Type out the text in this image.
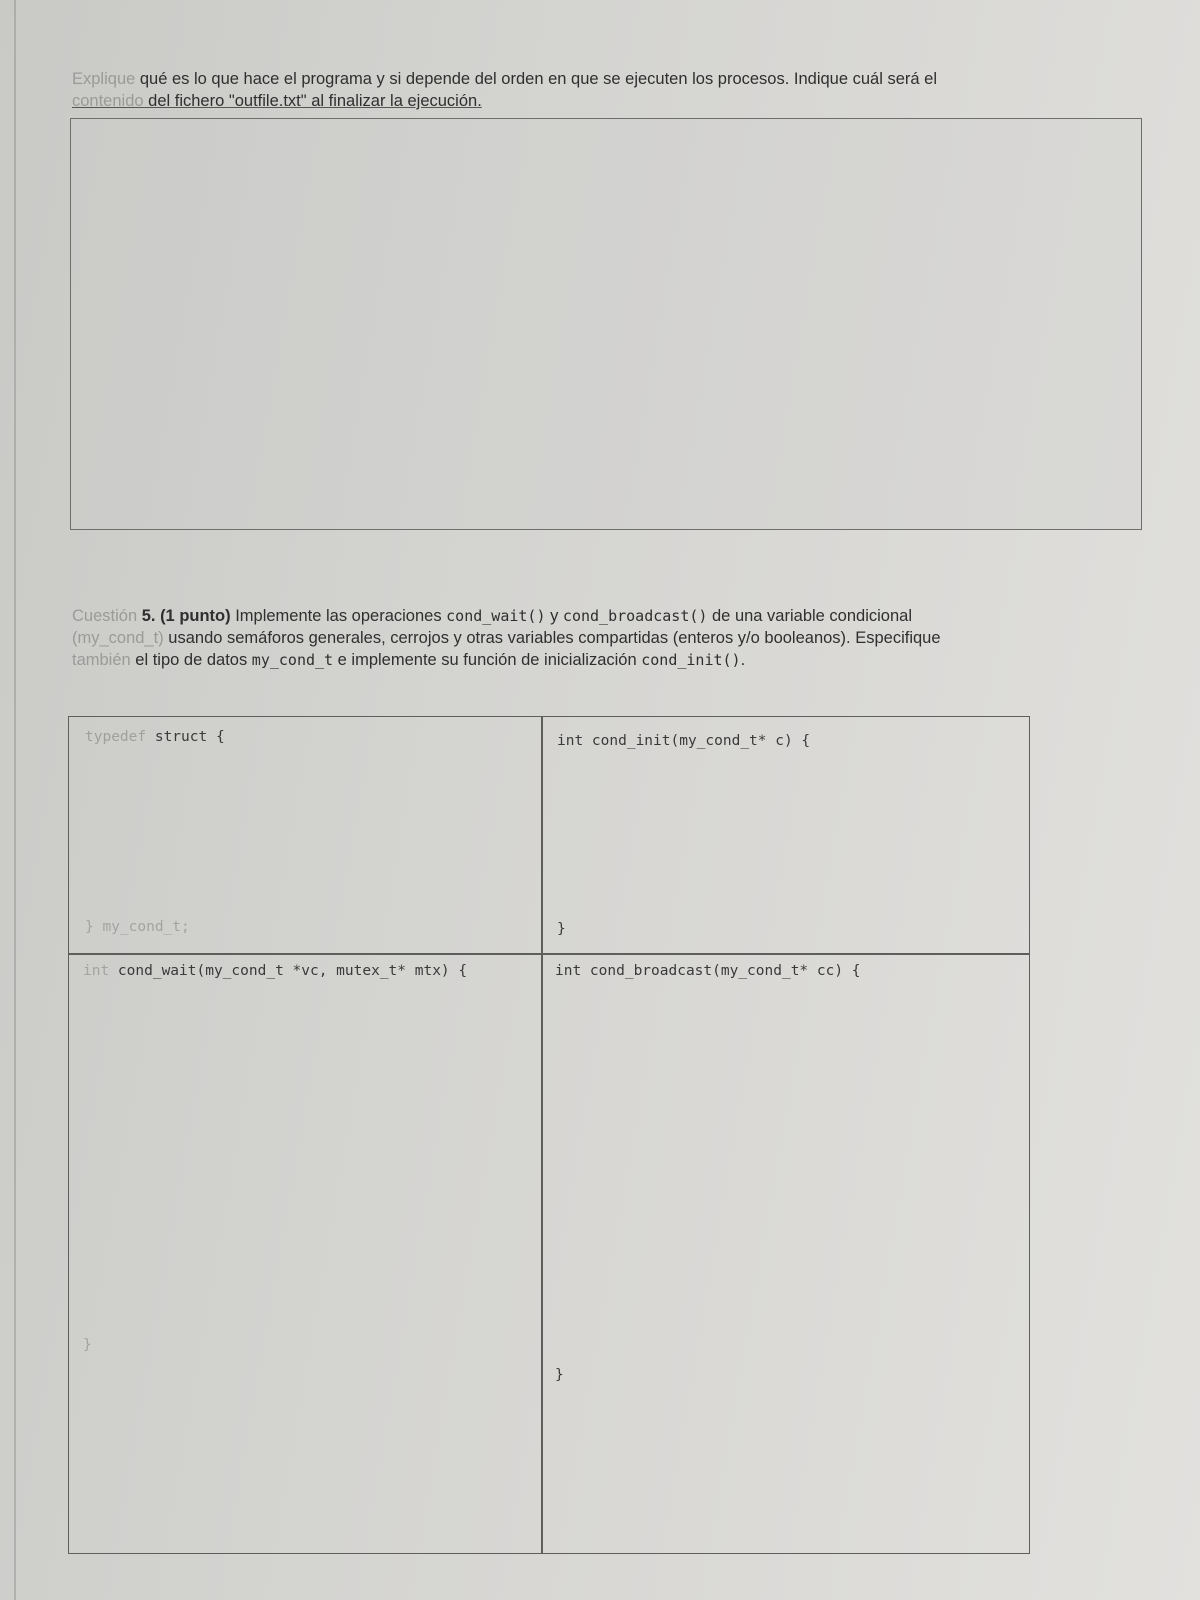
Explique qué es lo que hace el programa y si depende del orden en que se ejecuten los procesos. Indique cuál será el
contenido del fichero "outfile.txt" al finalizar la ejecución.

Cuestión 5. (1 punto) Implemente las operaciones cond_wait() y cond_broadcast() de una variable condicional
(my_cond_t) usando semáforos generales, cerrojos y otras variables compartidas (enteros y/o booleanos). Especifique
también el tipo de datos my_cond_t e implemente su función de inicialización cond_init().

typedef struct {
} my_cond_t;
int cond_init(my_cond_t* c) {
}
int cond_wait(my_cond_t *vc, mutex_t* mtx) {
}
int cond_broadcast(my_cond_t* cc) {
}
